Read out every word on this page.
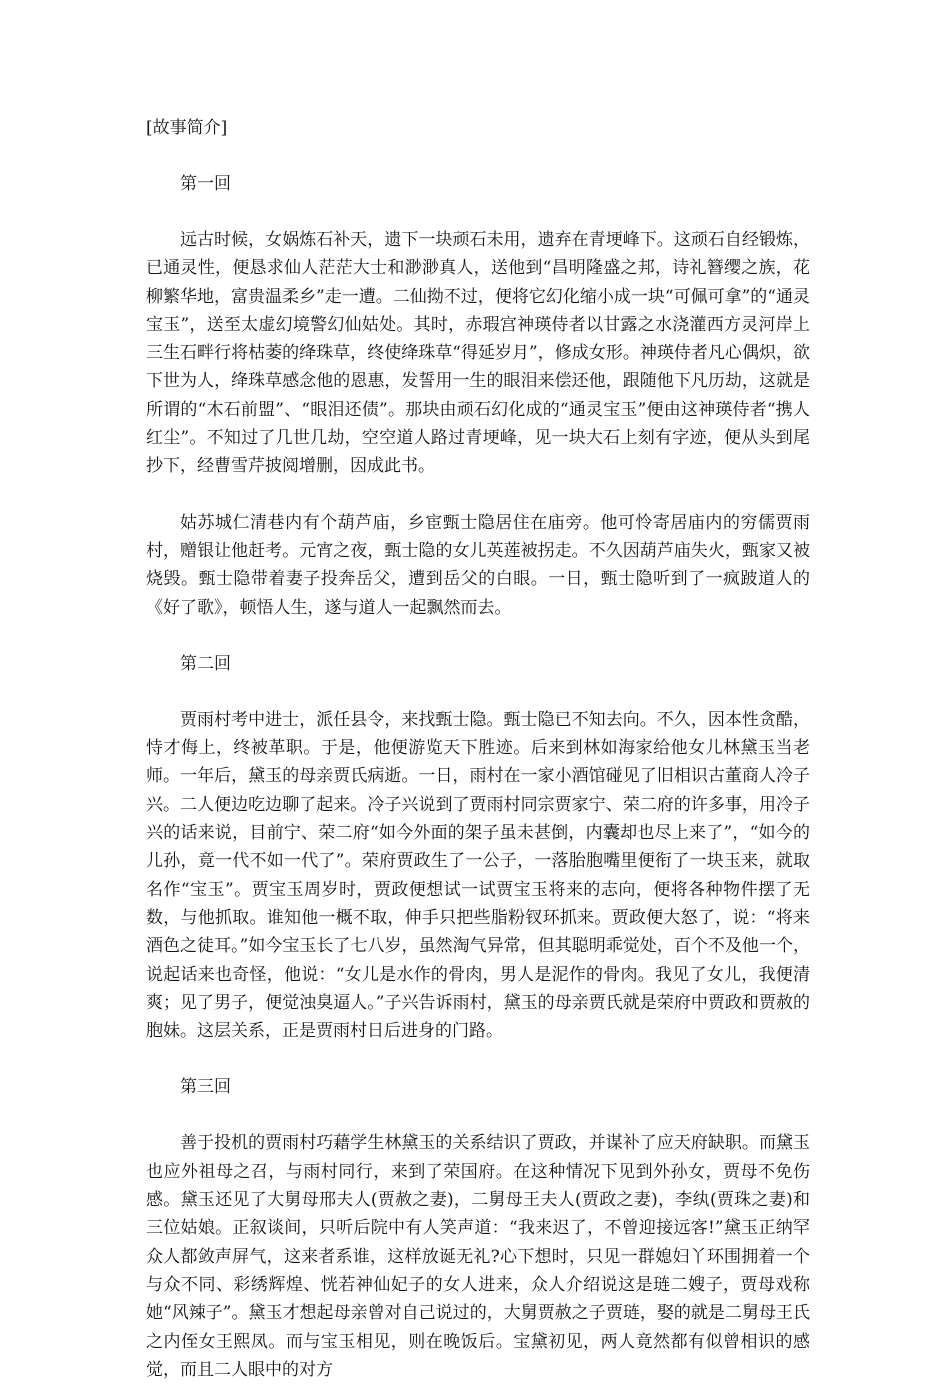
[故事简介]

第一回

远古时候，女娲炼石补天，遗下一块顽石未用，遗弃在青埂峰下。这顽石自经锻炼，已通灵性，便恳求仙人茫茫大士和渺渺真人，送他到“昌明隆盛之邦，诗礼簪缨之族，花柳繁华地，富贵温柔乡”走一遭。二仙拗不过，便将它幻化缩小成一块“可佩可拿”的“通灵宝玉”，送至太虚幻境警幻仙姑处。其时，赤瑕宫神瑛侍者以甘露之水浇灌西方灵河岸上三生石畔行将枯萎的绛珠草，终使绛珠草“得延岁月”，修成女形。神瑛侍者凡心偶炽，欲下世为人，绛珠草感念他的恩惠，发誓用一生的眼泪来偿还他，跟随他下凡历劫，这就是所谓的“木石前盟”、“眼泪还债”。那块由顽石幻化成的“通灵宝玉”便由这神瑛侍者“携人红尘”。不知过了几世几劫，空空道人路过青埂峰，见一块大石上刻有字迹，便从头到尾抄下，经曹雪芹披阅增删，因成此书。

姑苏城仁清巷内有个葫芦庙，乡宦甄士隐居住在庙旁。他可怜寄居庙内的穷儒贾雨村，赠银让他赶考。元宵之夜，甄士隐的女儿英莲被拐走。不久因葫芦庙失火，甄家又被烧毁。甄士隐带着妻子投奔岳父，遭到岳父的白眼。一日，甄士隐听到了一疯跛道人的《好了歌》，顿悟人生，遂与道人一起飘然而去。

第二回

贾雨村考中进士，派任县令，来找甄士隐。甄士隐已不知去向。不久，因本性贪酷，恃才侮上，终被革职。于是，他便游览天下胜迹。后来到林如海家给他女儿林黛玉当老师。一年后，黛玉的母亲贾氏病逝。一日，雨村在一家小酒馆碰见了旧相识古董商人冷子兴。二人便边吃边聊了起来。冷子兴说到了贾雨村同宗贾家宁、荣二府的许多事，用冷子兴的话来说，目前宁、荣二府“如今外面的架子虽未甚倒，内囊却也尽上来了”，“如今的儿孙，竟一代不如一代了”。荣府贾政生了一公子，一落胎胞嘴里便衔了一块玉来，就取名作“宝玉”。贾宝玉周岁时，贾政便想试一试贾宝玉将来的志向，便将各种物件摆了无数，与他抓取。谁知他一概不取，伸手只把些脂粉钗环抓来。贾政便大怒了，说：“将来酒色之徒耳。”如今宝玉长了七八岁，虽然淘气异常，但其聪明乖觉处，百个不及他一个，说起话来也奇怪，他说：“女儿是水作的骨肉，男人是泥作的骨肉。我见了女儿，我便清爽；见了男子，便觉浊臭逼人。”子兴告诉雨村，黛玉的母亲贾氏就是荣府中贾政和贾赦的胞妹。这层关系，正是贾雨村日后进身的门路。

第三回

善于投机的贾雨村巧藉学生林黛玉的关系结识了贾政，并谋补了应天府缺职。而黛玉也应外祖母之召，与雨村同行，来到了荣国府。在这种情况下见到外孙女，贾母不免伤感。黛玉还见了大舅母邢夫人(贾赦之妻)，二舅母王夫人(贾政之妻)，李纨(贾珠之妻)和三位姑娘。正叙谈间，只听后院中有人笑声道：“我来迟了，不曾迎接远客!”黛玉正纳罕众人都敛声屏气，这来者系谁，这样放诞无礼?心下想时，只见一群媳妇丫环围拥着一个与众不同、彩绣辉煌、恍若神仙妃子的女人进来，众人介绍说这是琏二嫂子，贾母戏称她“风辣子”。黛玉才想起母亲曾对自己说过的，大舅贾赦之子贾琏，娶的就是二舅母王氏之内侄女王熙凤。而与宝玉相见，则在晚饭后。宝黛初见，两人竟然都有似曾相识的感觉，而且二人眼中的对方
